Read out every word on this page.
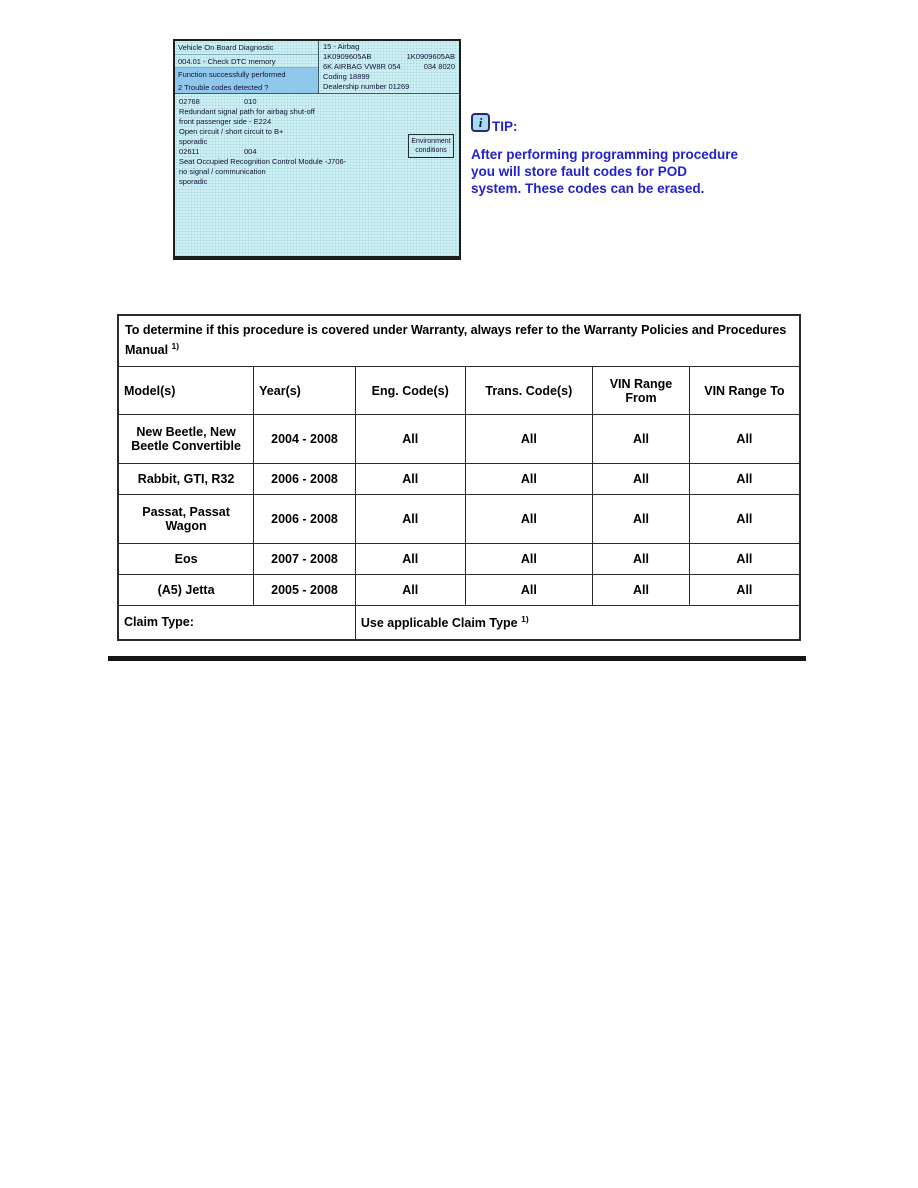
Vehicle On Board Diagnostic
004.01 - Check DTC memory
Function successfully performed
2 Trouble codes detected ?
15 - Airbag
1K0909605AB	1K0909605AB
6K AIRBAG VW8R 054	034 8020
Coding 18899
Dealership number 01269
02768	010
Redundant signal path for airbag shut-off
front passenger side - E224
Open circuit / short circuit to B+
sporadic
02611	004
Seat Occupied Recognition Control Module -J706-
no signal / communication
sporadic
Environment conditions
i TIP:
After performing programming procedure
you will store fault codes for POD
system. These codes can be erased.
To determine if this procedure is covered under Warranty, always refer to the Warranty Policies and Procedures Manual $^{1)}$
Model(s)	Year(s)	Eng. Code(s)	Trans. Code(s)	VIN Range From	VIN Range To
New Beetle, New Beetle Convertible	2004 - 2008	All	All	All	All
Rabbit, GTI, R32	2006 - 2008	All	All	All	All
Passat, Passat Wagon	2006 - 2008	All	All	All	All
Eos	2007 - 2008	All	All	All	All
(A5) Jetta	2005 - 2008	All	All	All	All
Claim Type:		Use applicable Claim Type $^{1)}$
